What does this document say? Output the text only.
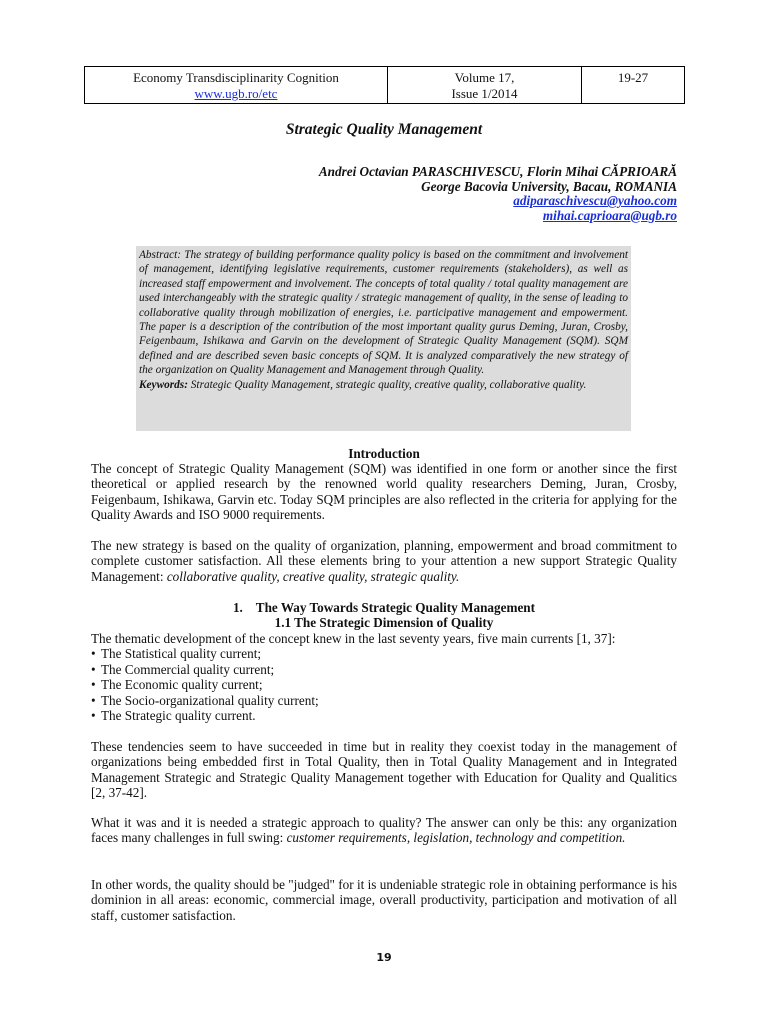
Economy Transdisciplinarity Cognition
www.ugb.ro/etc
Volume 17,
Issue 1/2014
19-27
Strategic Quality Management
Andrei Octavian PARASCHIVESCU, Florin Mihai CĂPRIOARĂ
George Bacovia University, Bacau, ROMANIA
adiparaschivescu@yahoo.com
mihai.caprioara@ugb.ro

Abstract: The strategy of building performance quality policy is based on the commitment and involvement of management, identifying legislative requirements, customer requirements (stakeholders), as well as increased staff empowerment and involvement. The concepts of total quality / total quality management are used interchangeably with the strategic quality / strategic management of quality, in the sense of leading to collaborative quality through mobilization of energies, i.e. participative management and empowerment. The paper is a description of the contribution of the most important quality gurus Deming, Juran, Crosby, Feigenbaum, Ishikawa and Garvin on the development of Strategic Quality Management (SQM). SQM defined and are described seven basic concepts of SQM. It is analyzed comparatively the new strategy of the organization on Quality Management and Management through Quality.

Keywords: Strategic Quality Management, strategic quality, creative quality, collaborative quality.

Introduction

The concept of Strategic Quality Management (SQM) was identified in one form or another since the first theoretical or applied research by the renowned world quality researchers Deming, Juran, Crosby, Feigenbaum, Ishikawa, Garvin etc. Today SQM principles are also reflected in the criteria for applying for the Quality Awards and ISO 9000 requirements.

The new strategy is based on the quality of organization, planning, empowerment and broad commitment to complete customer satisfaction. All these elements bring to your attention a new support Strategic Quality Management: collaborative quality, creative quality, strategic quality.

1.    The Way Towards Strategic Quality Management
1.1 The Strategic Dimension of Quality

The thematic development of the concept knew in the last seventy years, five main currents [1, 37]:

• The Statistical quality current;
• The Commercial quality current;
• The Economic quality current;
• The Socio-organizational quality current;
• The Strategic quality current.

These tendencies seem to have succeeded in time but in reality they coexist today in the management of organizations being embedded first in Total Quality, then in Total Quality Management and in Integrated Management Strategic and Strategic Quality Management together with Education for Quality and Qualitics [2, 37-42].

What it was and it is needed a strategic approach to quality? The answer can only be this: any organization faces many challenges in full swing: customer requirements, legislation, technology and competition.

In other words, the quality should be "judged" for it is undeniable strategic role in obtaining performance is his dominion in all areas: economic, commercial image, overall productivity, participation and motivation of all staff, customer satisfaction.

19
